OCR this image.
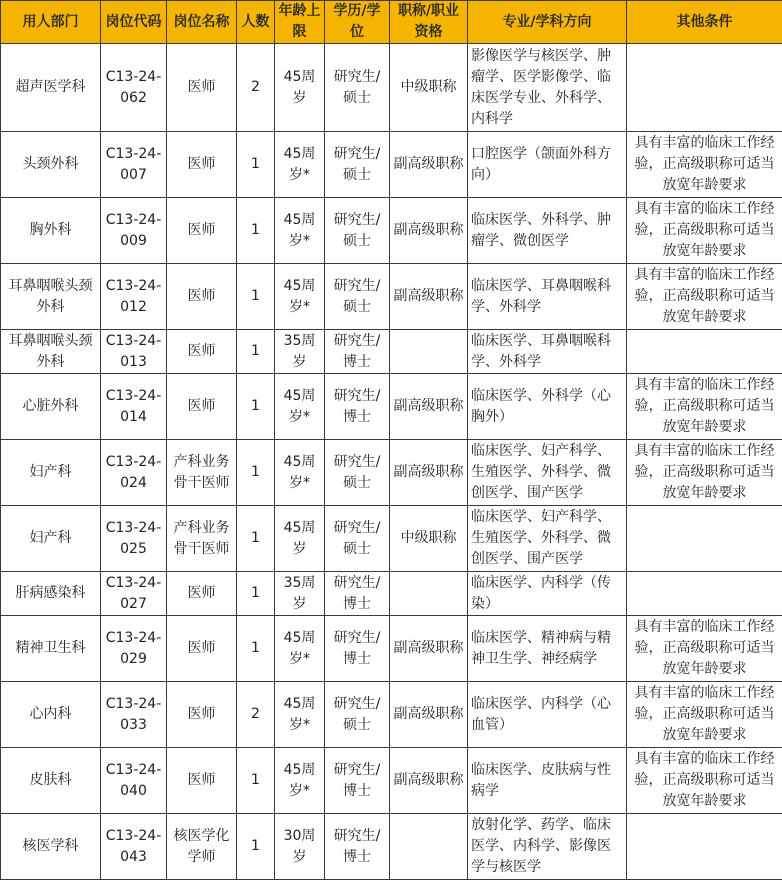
用人部门	岗位代码	岗位名称	人数	年龄上限	学历/学位	职称/职业资格	专业/学科方向	其他条件
超声医学科	C13-24-062	医师	2	45周岁	研究生/硕士	中级职称	影像医学与核医学、肿瘤学、医学影像学、临床医学专业、外科学、内科学	
头颈外科	C13-24-007	医师	1	45周岁*	研究生/硕士	副高级职称	口腔医学（颌面外科方向）	具有丰富的临床工作经验，正高级职称可适当放宽年龄要求
胸外科	C13-24-009	医师	1	45周岁*	研究生/硕士	副高级职称	临床医学、外科学、肿瘤学、微创医学	具有丰富的临床工作经验，正高级职称可适当放宽年龄要求
耳鼻咽喉头颈外科	C13-24-012	医师	1	45周岁*	研究生/硕士	副高级职称	临床医学、耳鼻咽喉科学、外科学	具有丰富的临床工作经验，正高级职称可适当放宽年龄要求
耳鼻咽喉头颈外科	C13-24-013	医师	1	35周岁	研究生/博士		临床医学、耳鼻咽喉科学、外科学	
心脏外科	C13-24-014	医师	1	45周岁*	研究生/博士	副高级职称	临床医学、外科学（心胸外）	具有丰富的临床工作经验，正高级职称可适当放宽年龄要求
妇产科	C13-24-024	产科业务骨干医师	1	45周岁*	研究生/硕士	副高级职称	临床医学、妇产科学、生殖医学、外科学、微创医学、围产医学	具有丰富的临床工作经验，正高级职称可适当放宽年龄要求
妇产科	C13-24-025	产科业务骨干医师	1	45周岁	研究生/硕士	中级职称	临床医学、妇产科学、生殖医学、外科学、微创医学、围产医学	
肝病感染科	C13-24-027	医师	1	35周岁	研究生/博士		临床医学、内科学（传染）	
精神卫生科	C13-24-029	医师	1	45周岁*	研究生/博士	副高级职称	临床医学、精神病与精神卫生学、神经病学	具有丰富的临床工作经验，正高级职称可适当放宽年龄要求
心内科	C13-24-033	医师	2	45周岁*	研究生/硕士	副高级职称	临床医学、内科学（心血管）	具有丰富的临床工作经验，正高级职称可适当放宽年龄要求
皮肤科	C13-24-040	医师	1	45周岁*	研究生/博士	副高级职称	临床医学、皮肤病与性病学	具有丰富的临床工作经验，正高级职称可适当放宽年龄要求
核医学科	C13-24-043	核医学化学师	1	30周岁	研究生/博士		放射化学、药学、临床医学、内科学、影像医学与核医学	
